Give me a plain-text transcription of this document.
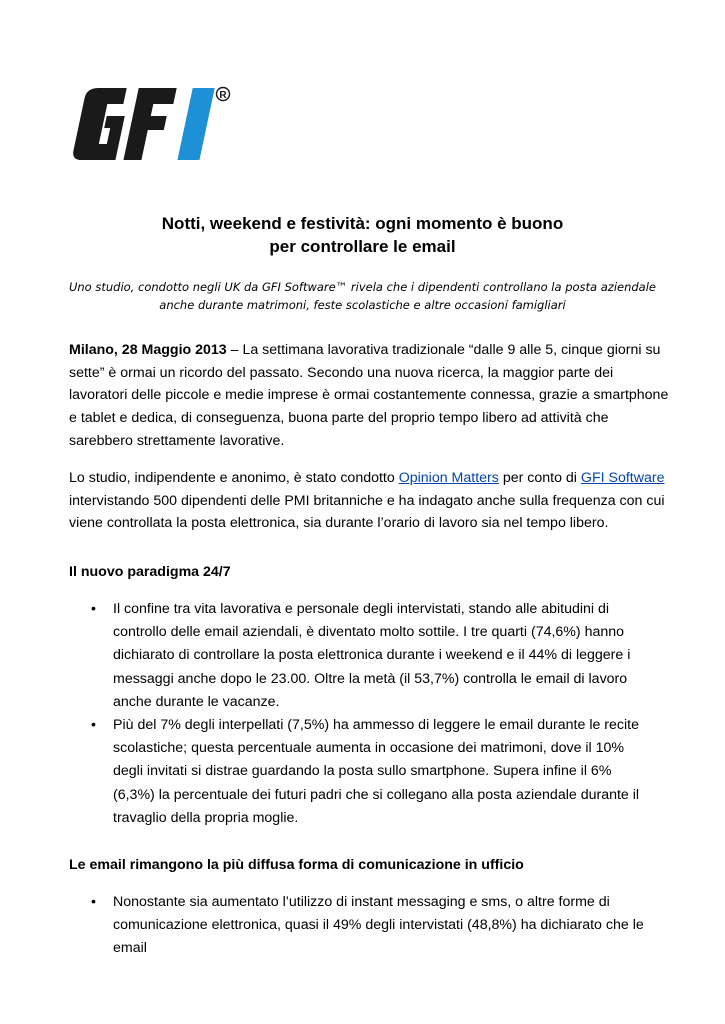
R
Notti, weekend e festività: ogni momento è buono
per controllare le email
Uno studio, condotto negli UK da GFI Software™ rivela che i dipendenti controllano la posta aziendale
anche durante matrimoni, feste scolastiche e altre occasioni famigliari

Milano, 28 Maggio 2013 – La settimana lavorativa tradizionale “dalle 9 alle 5, cinque giorni su sette” è ormai un ricordo del passato. Secondo una nuova ricerca, la maggior parte dei lavoratori delle piccole e medie imprese è ormai costantemente connessa, grazie a smartphone e tablet e dedica, di conseguenza, buona parte del proprio tempo libero ad attività che sarebbero strettamente lavorative.

Lo studio, indipendente e anonimo, è stato condotto Opinion Matters per conto di GFI Software intervistando 500 dipendenti delle PMI britanniche e ha indagato anche sulla frequenza con cui viene controllata la posta elettronica, sia durante l’orario di lavoro sia nel tempo libero.

Il nuovo paradigma 24/7
• Il confine tra vita lavorativa e personale degli intervistati, stando alle abitudini di controllo delle email aziendali, è diventato molto sottile. I tre quarti (74,6%) hanno dichiarato di controllare la posta elettronica durante i weekend e il 44% di leggere i messaggi anche dopo le 23.00. Oltre la metà (il 53,7%) controlla le email di lavoro anche durante le vacanze.
• Più del 7% degli interpellati (7,5%) ha ammesso di leggere le email durante le recite scolastiche; questa percentuale aumenta in occasione dei matrimoni, dove il 10% degli invitati si distrae guardando la posta sullo smartphone. Supera infine il 6% (6,3%) la percentuale dei futuri padri che si collegano alla posta aziendale durante il travaglio della propria moglie.
Le email rimangono la più diffusa forma di comunicazione in ufficio
• Nonostante sia aumentato l’utilizzo di instant messaging e sms, o altre forme di comunicazione elettronica, quasi il 49% degli intervistati (48,8%) ha dichiarato che le email
